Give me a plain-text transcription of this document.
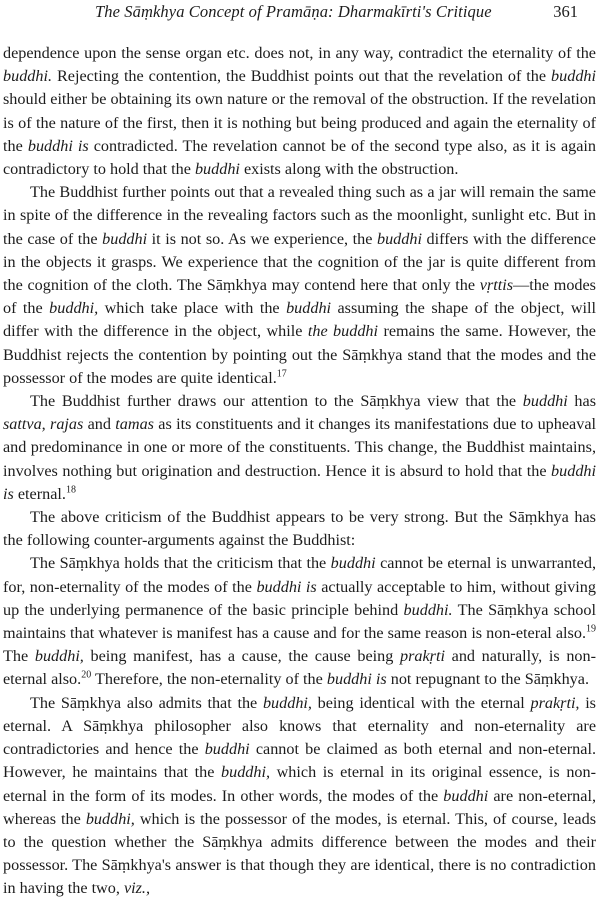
The Sāṃkhya Concept of Pramāṇa: Dharmakīrti's Critique	361

dependence upon the sense organ etc. does not, in any way, contradict the eternality of the buddhi. Rejecting the contention, the Buddhist points out that the revelation of the buddhi should either be obtaining its own nature or the removal of the obstruction. If the revelation is of the nature of the first, then it is nothing but being produced and again the eternality of the buddhi is contradicted. The revelation cannot be of the second type also, as it is again contradictory to hold that the buddhi exists along with the obstruction.

The Buddhist further points out that a revealed thing such as a jar will remain the same in spite of the difference in the revealing factors such as the moonlight, sunlight etc. But in the case of the buddhi it is not so. As we experience, the buddhi differs with the difference in the objects it grasps. We experience that the cognition of the jar is quite different from the cognition of the cloth. The Sāṃkhya may contend here that only the vṛttis—the modes of the buddhi, which take place with the buddhi assuming the shape of the object, will differ with the difference in the object, while the buddhi remains the same. However, the Buddhist rejects the contention by pointing out the Sāṃkhya stand that the modes and the possessor of the modes are quite identical.$^{17}$

The Buddhist further draws our attention to the Sāṃkhya view that the buddhi has sattva, rajas and tamas as its constituents and it changes its manifestations due to upheaval and predominance in one or more of the constituents. This change, the Buddhist maintains, involves nothing but origination and destruction. Hence it is absurd to hold that the buddhi is eternal.$^{18}$

The above criticism of the Buddhist appears to be very strong. But the Sāṃkhya has the following counter-arguments against the Buddhist:

The Sāṃkhya holds that the criticism that the buddhi cannot be eternal is unwarranted, for, non-eternality of the modes of the buddhi is actually acceptable to him, without giving up the underlying permanence of the basic principle behind buddhi. The Sāṃkhya school maintains that whatever is manifest has a cause and for the same reason is non-eteral also.$^{19}$ The buddhi, being manifest, has a cause, the cause being prakṛti and naturally, is non-eternal also.$^{20}$ Therefore, the non-eternality of the buddhi is not repugnant to the Sāṃkhya.

The Sāṃkhya also admits that the buddhi, being identical with the eternal prakṛti, is eternal. A Sāṃkhya philosopher also knows that eternality and non-eternality are contradictories and hence the buddhi cannot be claimed as both eternal and non-eternal. However, he maintains that the buddhi, which is eternal in its original essence, is non-eternal in the form of its modes. In other words, the modes of the buddhi are non-eternal, whereas the buddhi, which is the possessor of the modes, is eternal. This, of course, leads to the question whether the Sāṃkhya admits difference between the modes and their possessor. The Sāṃkhya's answer is that though they are identical, there is no contradiction in having the two, viz.,
